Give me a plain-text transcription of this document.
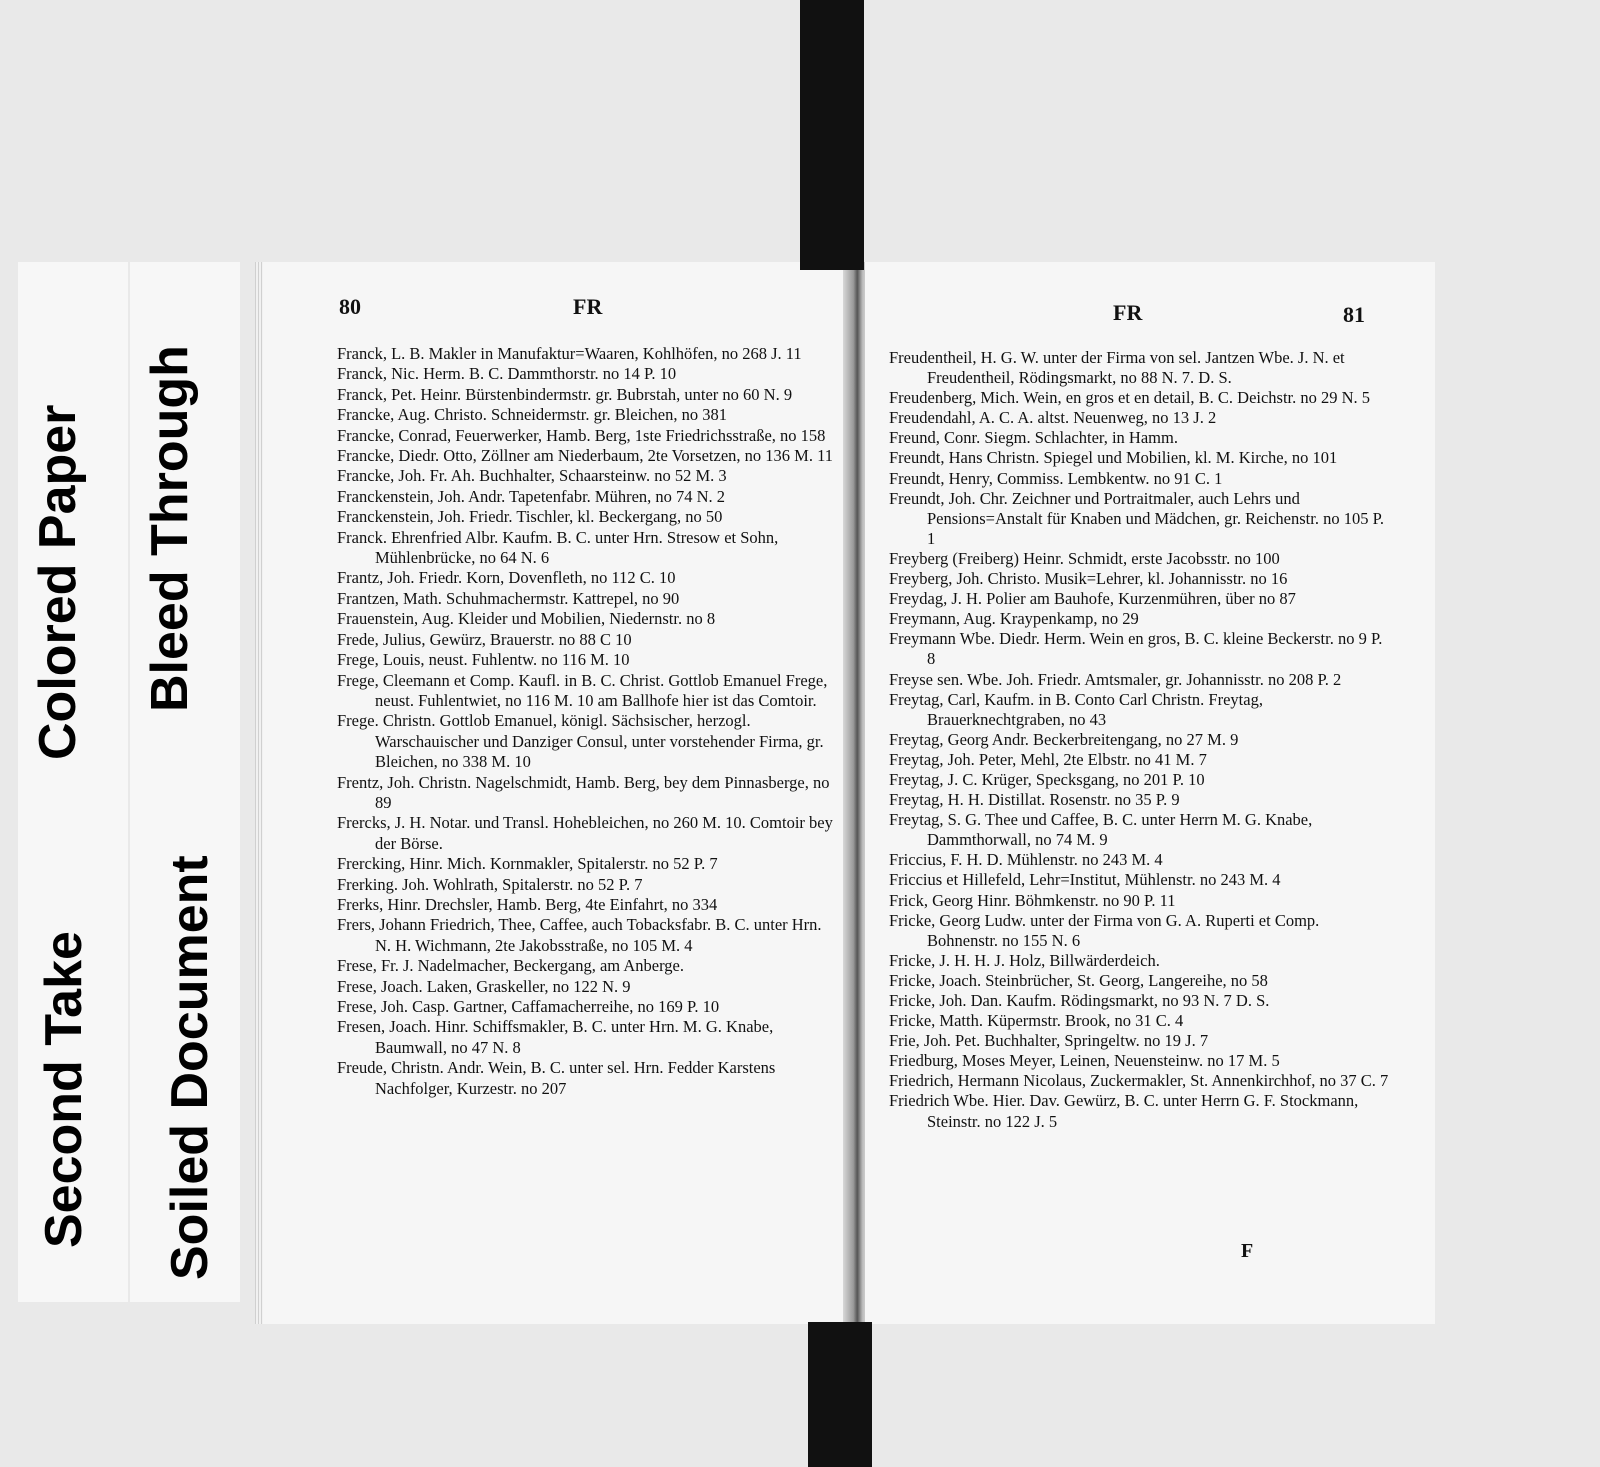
Colored Paper
Second Take
Bleed Through
Soiled Document
80	FR

Franck, L. B. Makler in Manufaktur=Waaren, Kohlhöfen, no 268 J. 11

Franck, Nic. Herm. B. C. Dammthorstr. no 14 P. 10

Franck, Pet. Heinr. Bürstenbindermstr. gr. Bubrstah, unter no 60 N. 9

Francke, Aug. Christo. Schneidermstr. gr. Bleichen, no 381

Francke, Conrad, Feuerwerker, Hamb. Berg, 1ste Friedrichsstraße, no 158

Francke, Diedr. Otto, Zöllner am Niederbaum, 2te Vorsetzen, no 136 M. 11

Francke, Joh. Fr. Ah. Buchhalter, Schaarsteinw. no 52 M. 3

Franckenstein, Joh. Andr. Tapetenfabr. Mühren, no 74 N. 2

Franckenstein, Joh. Friedr. Tischler, kl. Beckergang, no 50

Franck. Ehrenfried Albr. Kaufm. B. C. unter Hrn. Stresow et Sohn, Mühlenbrücke, no 64 N. 6

Frantz, Joh. Friedr. Korn, Dovenfleth, no 112 C. 10

Frantzen, Math. Schuhmachermstr. Kattrepel, no 90

Frauenstein, Aug. Kleider und Mobilien, Niedernstr. no 8

Frede, Julius, Gewürz, Brauerstr. no 88 C 10

Frege, Louis, neust. Fuhlentw. no 116 M. 10

Frege, Cleemann et Comp. Kaufl. in B. C. Christ. Gottlob Emanuel Frege, neust. Fuhlentwiet, no 116 M. 10 am Ballhofe hier ist das Comtoir.

Frege. Christn. Gottlob Emanuel, königl. Sächsischer, herzogl. Warschauischer und Danziger Consul, unter vorstehender Firma, gr. Bleichen, no 338 M. 10

Frentz, Joh. Christn. Nagelschmidt, Hamb. Berg, bey dem Pinnasberge, no 89

Frercks, J. H. Notar. und Transl. Hohebleichen, no 260 M. 10. Comtoir bey der Börse.

Frercking, Hinr. Mich. Kornmakler, Spitalerstr. no 52 P. 7

Frerking. Joh. Wohlrath, Spitalerstr. no 52 P. 7

Frerks, Hinr. Drechsler, Hamb. Berg, 4te Einfahrt, no 334

Frers, Johann Friedrich, Thee, Caffee, auch Tobacksfabr. B. C. unter Hrn. N. H. Wichmann, 2te Jakobsstraße, no 105 M. 4

Frese, Fr. J. Nadelmacher, Beckergang, am Anberge.

Frese, Joach. Laken, Graskeller, no 122 N. 9

Frese, Joh. Casp. Gartner, Caffamacherreihe, no 169 P. 10

Fresen, Joach. Hinr. Schiffsmakler, B. C. unter Hrn. M. G. Knabe, Baumwall, no 47 N. 8

Freude, Christn. Andr. Wein, B. C. unter sel. Hrn. Fedder Karstens Nachfolger, Kurzestr. no 207

FR	81

Freudentheil, H. G. W. unter der Firma von sel. Jantzen Wbe. J. N. et Freudentheil, Rödingsmarkt, no 88 N. 7. D. S.

Freudenberg, Mich. Wein, en gros et en detail, B. C. Deichstr. no 29 N. 5

Freudendahl, A. C. A. altst. Neuenweg, no 13 J. 2

Freund, Conr. Siegm. Schlachter, in Hamm.

Freundt, Hans Christn. Spiegel und Mobilien, kl. M. Kirche, no 101

Freundt, Henry, Commiss. Lembkentw. no 91 C. 1

Freundt, Joh. Chr. Zeichner und Portraitmaler, auch Lehrs und Pensions=Anstalt für Knaben und Mädchen, gr. Reichenstr. no 105 P. 1

Freyberg (Freiberg) Heinr. Schmidt, erste Jacobsstr. no 100

Freyberg, Joh. Christo. Musik=Lehrer, kl. Johannisstr. no 16

Freydag, J. H. Polier am Bauhofe, Kurzenmühren, über no 87

Freymann, Aug. Kraypenkamp, no 29

Freymann Wbe. Diedr. Herm. Wein en gros, B. C. kleine Beckerstr. no 9 P. 8

Freyse sen. Wbe. Joh. Friedr. Amtsmaler, gr. Johannisstr. no 208 P. 2

Freytag, Carl, Kaufm. in B. Conto Carl Christn. Freytag, Brauerknechtgraben, no 43

Freytag, Georg Andr. Beckerbreitengang, no 27 M. 9

Freytag, Joh. Peter, Mehl, 2te Elbstr. no 41 M. 7

Freytag, J. C. Krüger, Specksgang, no 201 P. 10

Freytag, H. H. Distillat. Rosenstr. no 35 P. 9

Freytag, S. G. Thee und Caffee, B. C. unter Herrn M. G. Knabe, Dammthorwall, no 74 M. 9

Friccius, F. H. D. Mühlenstr. no 243 M. 4

Friccius et Hillefeld, Lehr=Institut, Mühlenstr. no 243 M. 4

Frick, Georg Hinr. Böhmkenstr. no 90 P. 11

Fricke, Georg Ludw. unter der Firma von G. A. Ruperti et Comp. Bohnenstr. no 155 N. 6

Fricke, J. H. H. J. Holz, Billwärderdeich.

Fricke, Joach. Steinbrücher, St. Georg, Langereihe, no 58

Fricke, Joh. Dan. Kaufm. Rödingsmarkt, no 93 N. 7 D. S.

Fricke, Matth. Küpermstr. Brook, no 31 C. 4

Frie, Joh. Pet. Buchhalter, Springeltw. no 19 J. 7

Friedburg, Moses Meyer, Leinen, Neuensteinw. no 17 M. 5

Friedrich, Hermann Nicolaus, Zuckermakler, St. Annenkirchhof, no 37 C. 7

Friedrich Wbe. Hier. Dav. Gewürz, B. C. unter Herrn G. F. Stockmann, Steinstr. no 122 J. 5

F
